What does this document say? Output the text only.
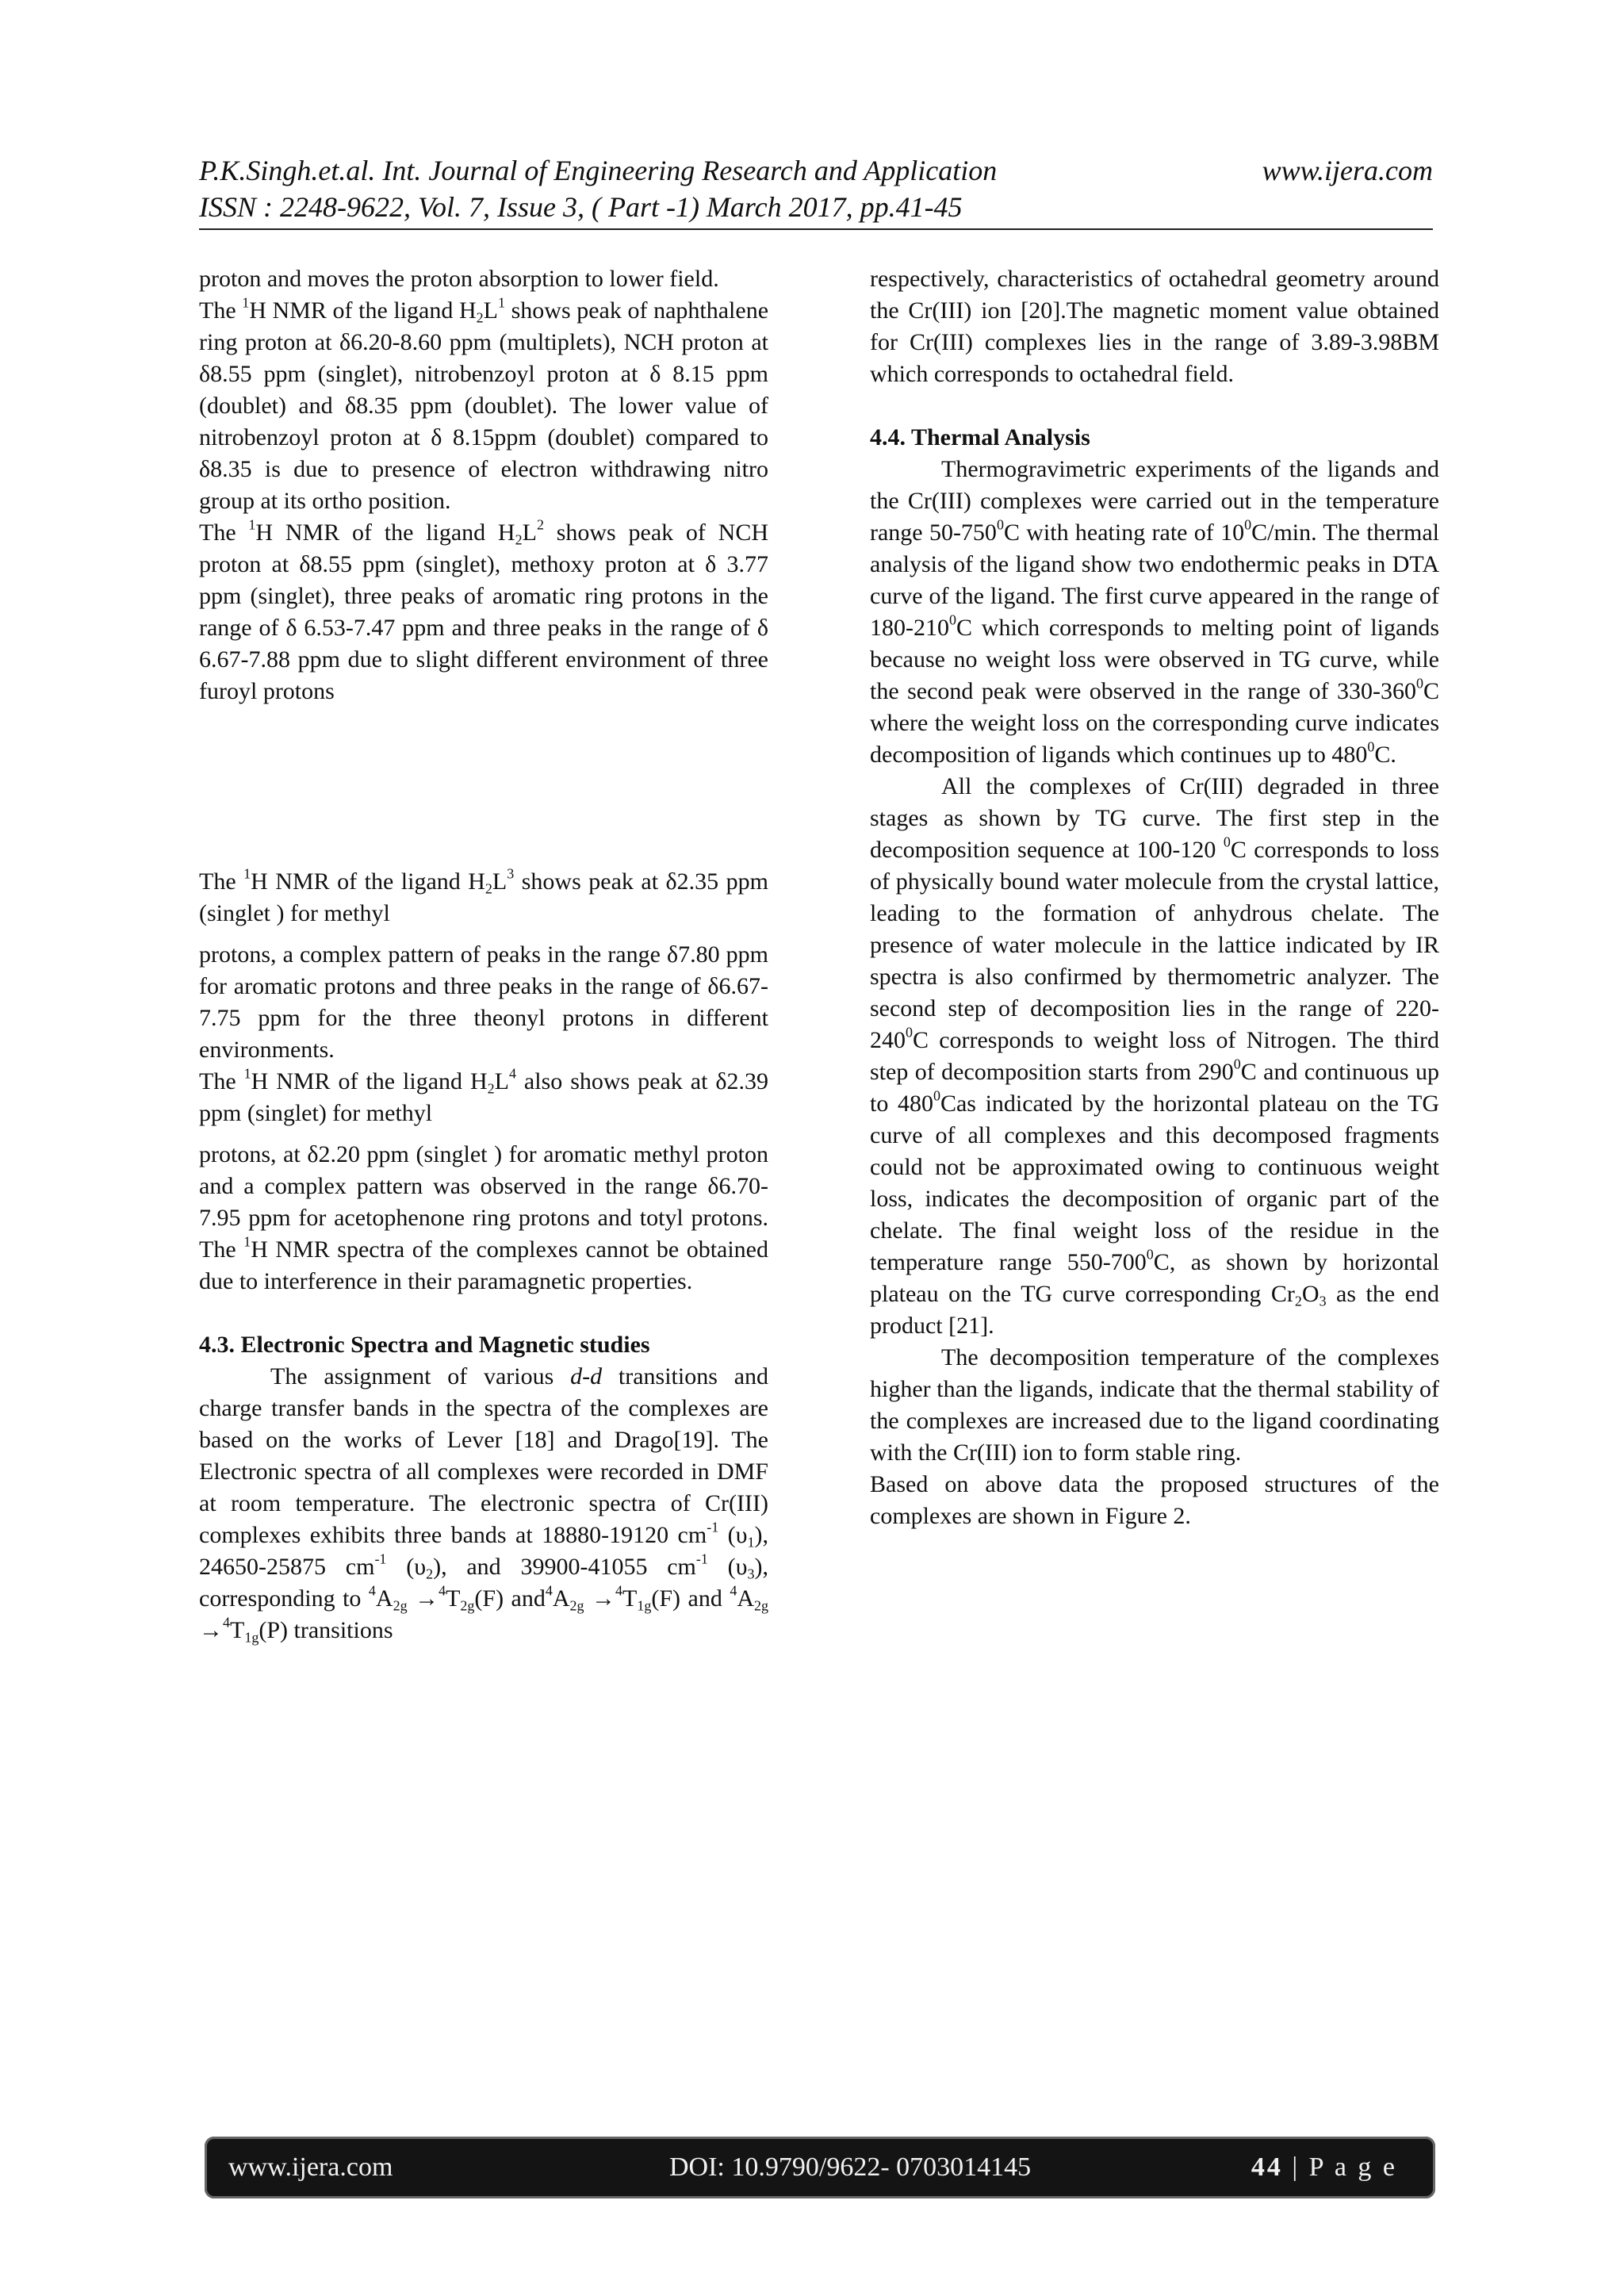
P.K.Singh.et.al. Int. Journal of Engineering Research and Application	www.ijera.com
ISSN : 2248-9622, Vol. 7, Issue 3, ( Part -1) March 2017, pp.41-45

proton and moves the proton absorption to lower field.

The $^1$H NMR of the ligand $H_2L^1$ shows peak of naphthalene ring proton at δ6.20-8.60 ppm (multiplets), NCH proton at δ8.55 ppm (singlet), nitrobenzoyl proton at δ 8.15 ppm (doublet) and δ8.35 ppm (doublet). The lower value of nitrobenzoyl proton at δ 8.15ppm (doublet) compared to δ8.35 is due to presence of electron withdrawing nitro group at its ortho position.

The $^1$H NMR of the ligand $H_2L^2$ shows peak of NCH proton at δ8.55 ppm (singlet), methoxy proton at δ 3.77 ppm (singlet), three peaks of aromatic ring protons in the range of δ 6.53-7.47 ppm and three peaks in the range of δ 6.67-7.88 ppm due to slight different environment of three furoyl protons

The $^1$H NMR of the ligand $H_2L^3$ shows peak at δ2.35 ppm (singlet ) for methyl

protons, a complex pattern of peaks in the range δ7.80 ppm for aromatic protons and three peaks in the range of δ6.67-7.75 ppm for the three theonyl protons in different environments.

The $^1$H NMR of the ligand $H_2L^4$ also shows peak at δ2.39 ppm (singlet) for methyl

protons, at δ2.20 ppm (singlet ) for aromatic methyl proton and a complex pattern was observed in the range δ6.70-7.95 ppm for acetophenone ring protons and totyl protons. The $^1$H NMR spectra of the complexes cannot be obtained due to interference in their paramagnetic properties.

4.3. Electronic Spectra and Magnetic studies

The assignment of various d-d transitions and charge transfer bands in the spectra of the complexes are based on the works of Lever [18] and Drago[19]. The Electronic spectra of all complexes were recorded in DMF at room temperature. The electronic spectra of Cr(III) complexes exhibits three bands at 18880-19120 $cm^{-1}$ $(\upsilon_1)$, 24650-25875 $cm^{-1}$ $(\upsilon_2)$, and 39900-41055 $cm^{-1}$ $(\upsilon_3)$, corresponding to $^4A_{2g} \to^4T_{2g}(F)$ $and^4A_{2g} \to^4T_{1g}(F)$ and $^4A_{2g} \to^4T_{1g}(P)$ transitions

respectively, characteristics of octahedral geometry around the Cr(III) ion [20].The magnetic moment value obtained for Cr(III) complexes lies in the range of 3.89-3.98BM which corresponds to octahedral field.

4.4. Thermal Analysis

Thermogravimetric experiments of the ligands and the Cr(III) complexes were carried out in the temperature range $50-750^0C$ with heating rate of $10^0C/\min$. The thermal analysis of the ligand show two endothermic peaks in DTA curve of the ligand. The first curve appeared in the range of $180-210^0C$ which corresponds to melting point of ligands because no weight loss were observed in TG curve, while the second peak were observed in the range of $330-360^0C$ where the weight loss on the corresponding curve indicates decomposition of ligands which continues up to $480^0C$.

All the complexes of Cr(III) degraded in three stages as shown by TG curve. The first step in the decomposition sequence at 100-120 $^0$C corresponds to loss of physically bound water molecule from the crystal lattice, leading to the formation of anhydrous chelate. The presence of water molecule in the lattice indicated by IR spectra is also confirmed by thermometric analyzer. The second step of decomposition lies in the range of $220-240^0C$ corresponds to weight loss of Nitrogen. The third step of decomposition starts from $290^0C$ and continuous up to $480^0Cas$ indicated by the horizontal plateau on the TG curve of all complexes and this decomposed fragments could not be approximated owing to continuous weight loss, indicates the decomposition of organic part of the chelate. The final weight loss of the residue in the temperature range $550-700^0C$, as shown by horizontal plateau on the TG curve corresponding $Cr_2O_3$ as the end product [21].

The decomposition temperature of the complexes higher than the ligands, indicate that the thermal stability of the complexes are increased due to the ligand coordinating with the Cr(III) ion to form stable ring.

Based on above data the proposed structures of the complexes are shown in Figure 2.

www.ijera.com	DOI: 10.9790/9622- 0703014145	44 | P a g e
